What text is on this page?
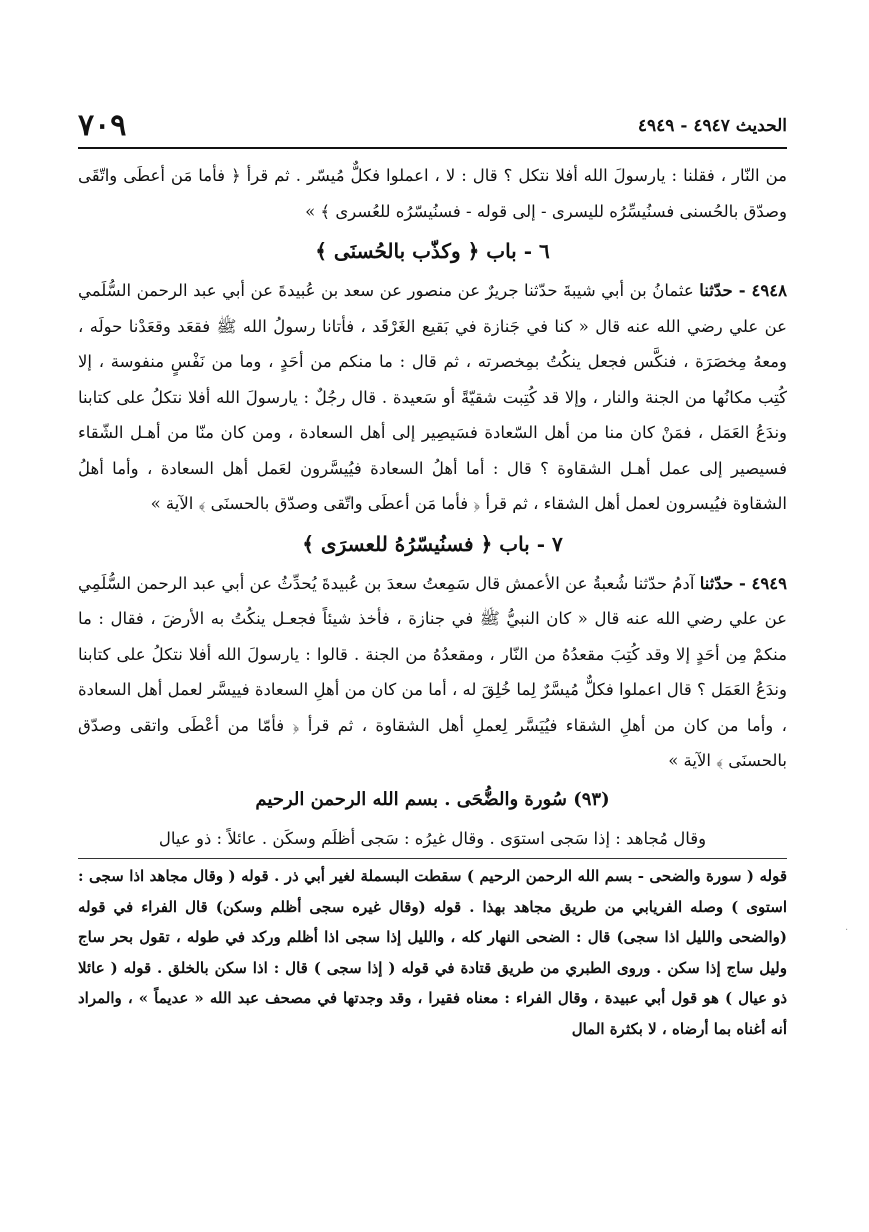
٧٠٩	الحديث ٤٩٤٧ - ٤٩٤٩

من النّار ، فقلنا : يارسولَ الله أفلا نتكل ؟ قال : لا ، اعملوا فكلٌّ مُيسّر . ثم قرأ ﴿ فأما مَن أعطَى واتّقَى وصدّق بالحُسنى فسنُيسِّرُه لليسرى - إلى قوله - فسنُيسّرُه للعُسرى ﴾ »

٦ - باب ﴿ وكذّب بالحُسنَى ﴾

٤٩٤٨ - حدّثنا عثمانُ بن أبي شيبةَ حدّثنا جريرٌ عن منصور عن سعد بن عُبيدةَ عن أبي عبد الرحمن السُّلَمي عن علي رضي الله عنه قال « كنا في جَنازة في بَقيع الغَرْقَد ، فأتانا رسولُ الله ﷺ فقعَد وقعَدْنا حولَه ، ومعهُ مِخصَرَة ، فنكَّس فجعل ينكُتُ بمِخصرته ، ثم قال : ما منكم من أحَدٍ ، وما من نَفْسٍ منفوسة ، إلا كُتِب مكانُها من الجنة والنار ، وإلا قد كُتِبت شقيّةً أو سَعيدة . قال رجُلٌ : يارسولَ الله أفلا نتكلُ على كتابنا وندَعُ العَمَل ، فمَنْ كان منا من أهل السّعادة فسَيصِير إلى أهل السعادة ، ومن كان منّا من أهـل الشّقاء فسيصير إلى عمل أهـل الشقاوة ؟ قال : أما أهلُ السعادة فيُيسَّرون لعَمل أهل السعادة ، وأما أهلُ الشقاوة فيُيسرون لعمل أهل الشقاء ، ثم قرأ ﴿ فأما مَن أعطَى واتّقى وصدّق بالحسنَى ﴾ الآية »

٧ - باب ﴿ فسنُيسّرُهُ للعسرَى ﴾

٤٩٤٩ - حدّثنا آدمُ حدّثنا شُعبةُ عن الأعمش قال سَمِعتُ سعدَ بن عُبيدةَ يُحدِّثُ عن أبي عبد الرحمن السُّلَمِي عن علي رضي الله عنه قال « كان النبيُّ ﷺ في جنازة ، فأخذ شيئاً فجعـل ينكُتُ به الأرضَ ، فقال : ما منكمْ مِن أحَدٍ إلا وقد كُتِبَ مقعدُهُ من النّار ، ومقعدُهُ من الجنة . قالوا : يارسولَ الله أفلا نتكلُ على كتابنا وندَعُ العَمَل ؟ قال اعملوا فكلٌّ مُيسَّرٌ لِما خُلِقَ له ، أما من كان من أهلِ السعادة فييسَّر لعمل أهل السعادة ، وأما من كان من أهلِ الشقاء فيُيَسَّر لِعملِ أهل الشقاوة ، ثم قرأ ﴿ فأمّا من أعْطَى واتقى وصدّق بالحسنَى ﴾ الآية »

(٩٣) سُورة والضُّحَى . بسم الله الرحمن الرحيم

وقال مُجاهد : إذا سَجى استوَى . وقال غيرُه : سَجى أظلَم وسكَن . عائلاً : ذو عيال

قوله ( سورة والضحى - بسم الله الرحمن الرحيم ) سقطت البسملة لغير أبي ذر . قوله ( وقال مجاهد اذا سجى : استوى ) وصله الفريابي من طريق مجاهد بهذا . قوله (وقال غيره سجى أظلم وسكن) قال الفراء في قوله (والضحى والليل اذا سجى) قال : الضحى النهار كله ، والليل إذا سجى اذا أظلم وركد في طوله ، تقول بحر ساج وليل ساج إذا سكن . وروى الطبري من طريق قتادة في قوله ( إذا سجى ) قال : اذا سكن بالخلق . قوله ( عائلا ذو عيال ) هو قول أبي عبيدة ، وقال الفراء : معناه فقيرا ، وقد وجدتها في مصحف عبد الله « عديماً » ، والمراد أنه أغناه بما أرضاه ، لا بكثرة المال

·
